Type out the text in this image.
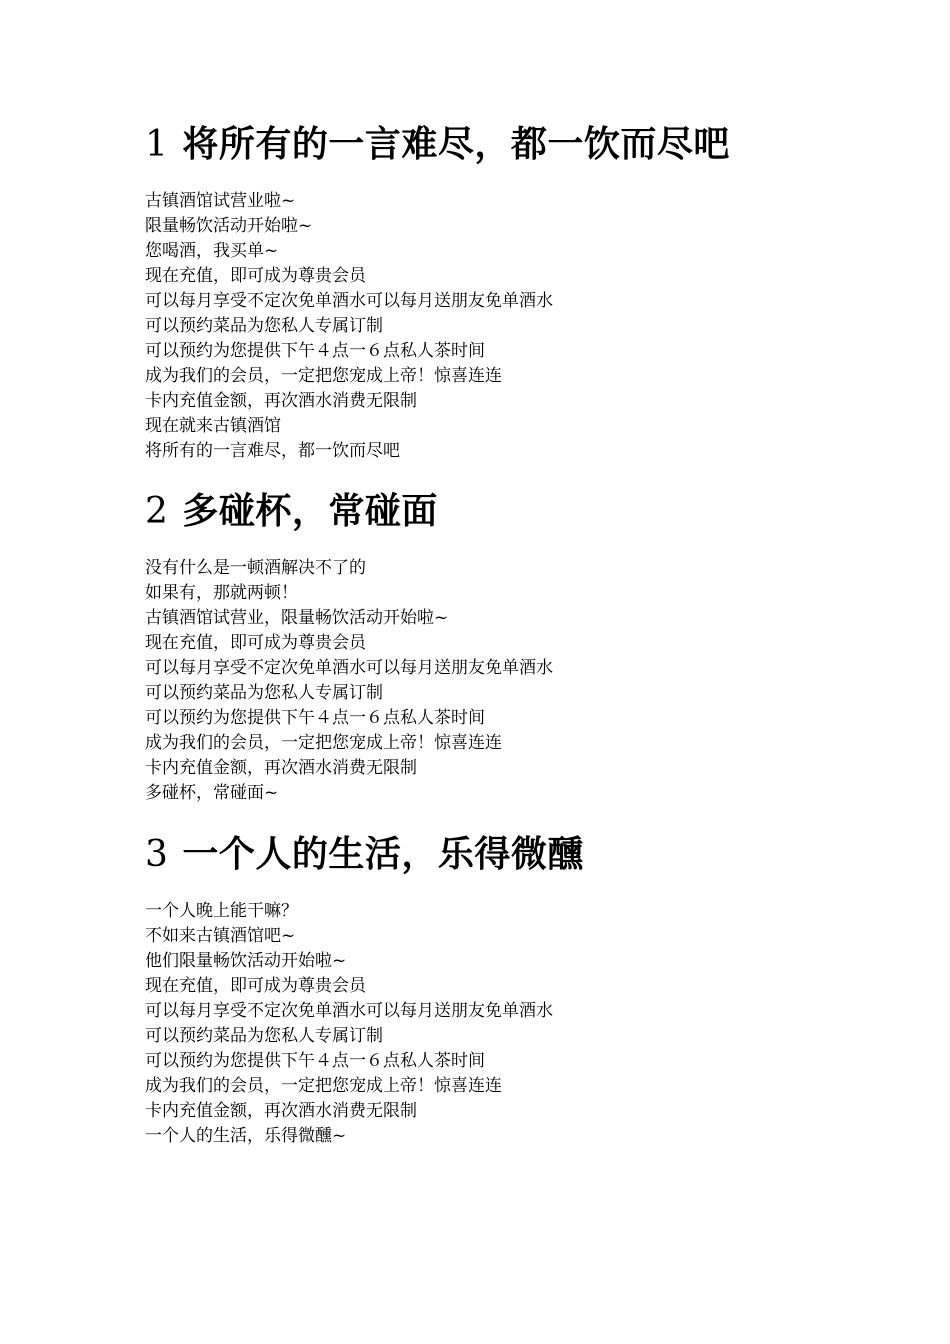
1 将所有的一言难尽，都一饮而尽吧
古镇酒馆试营业啦~
限量畅饮活动开始啦~
您喝酒，我买单~
现在充值，即可成为尊贵会员
可以每月享受不定次免单酒水可以每月送朋友免单酒水
可以预约菜品为您私人专属订制
可以预约为您提供下午４点一６点私人茶时间
成为我们的会员，一定把您宠成上帝！惊喜连连
卡内充值金额，再次酒水消费无限制
现在就来古镇酒馆
将所有的一言难尽，都一饮而尽吧
2 多碰杯，常碰面
没有什么是一顿酒解决不了的
如果有，那就两顿！
古镇酒馆试营业，限量畅饮活动开始啦~
现在充值，即可成为尊贵会员
可以每月享受不定次免单酒水可以每月送朋友免单酒水
可以预约菜品为您私人专属订制
可以预约为您提供下午４点一６点私人茶时间
成为我们的会员，一定把您宠成上帝！惊喜连连
卡内充值金额，再次酒水消费无限制
多碰杯，常碰面~
3 一个人的生活，乐得微醺
一个人晚上能干嘛？
不如来古镇酒馆吧~
他们限量畅饮活动开始啦~
现在充值，即可成为尊贵会员
可以每月享受不定次免单酒水可以每月送朋友免单酒水
可以预约菜品为您私人专属订制
可以预约为您提供下午４点一６点私人茶时间
成为我们的会员，一定把您宠成上帝！惊喜连连
卡内充值金额，再次酒水消费无限制
一个人的生活，乐得微醺~
